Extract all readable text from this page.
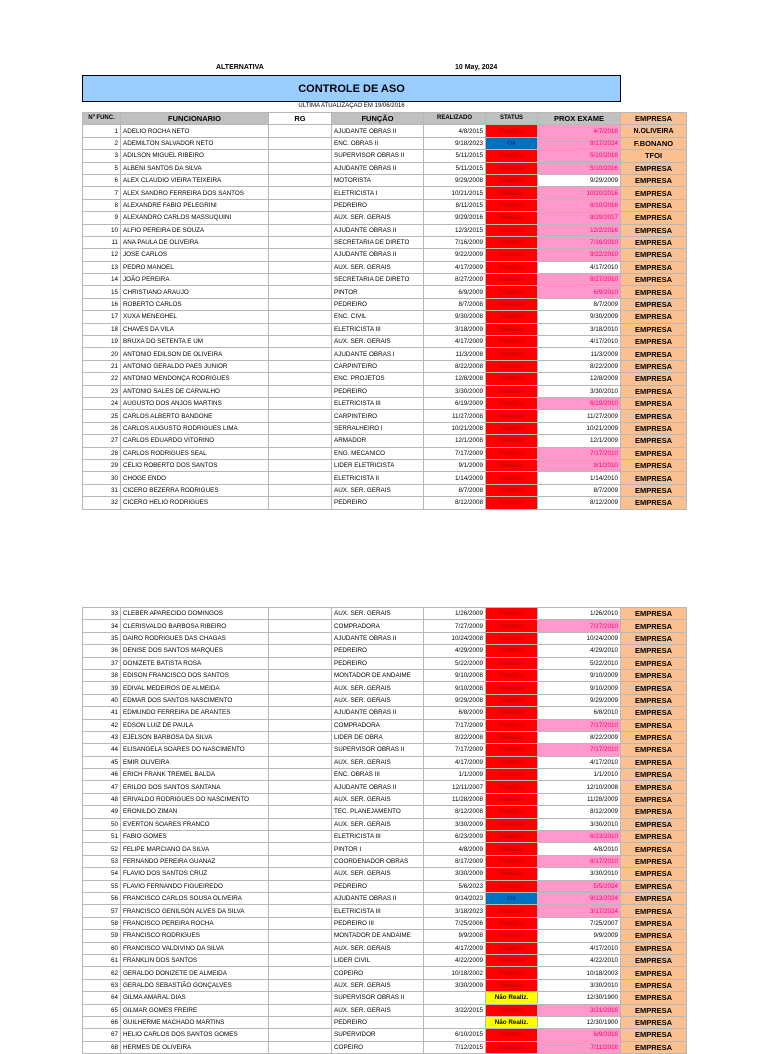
ALTERNATIVA	10 May, 2024
CONTROLE DE ASO
ULTIMA ATUALIZAÇÃO EM 19/06/2016
Nº FUNC.	FUNCIONARIO	RG	FUNÇÃO	REALIZADO	STATUS	PROX EXAME	EMPRESA
1	ADELIO ROCHA NETO		AJUDANTE OBRAS II	4/8/2015	Realizar	4/7/2016	N.OLIVEIRA
2	ADEMILTON SALVADOR NETO		ENC. OBRAS II	9/18/2023	Ok	9/17/2024	F.BONANO
3	ADILSON MIGUEL RIBEIRO		SUPERVISOR OBRAS II	5/11/2015	Realizar	5/10/2016	TFOI
5	ALBENI SANTOS DA SILVA		AJUDANTE OBRAS II	5/11/2015	Realizar	5/10/2016	EMPRESA
6	ALEX CLAUDIO VIEIRA TEIXEIRA		MOTORISTA	9/29/2008	Realizar	9/29/2009	EMPRESA
7	ALEX SANDRO FERREIRA DOS SANTOS		ELETRICISTA I	10/21/2015	Realizar	10/20/2016	EMPRESA
8	ALEXANDRE FABIO PELEGRINI		PEDREIRO	8/11/2015	Realizar	8/10/2016	EMPRESA
9	ALEXANDRO CARLOS MASSUQUINI		AUX. SER. GERAIS	9/29/2016	Realizar	9/29/2017	EMPRESA
10	ALFIO PEREIRA DE SOUZA		AJUDANTE OBRAS II	12/3/2015	Realizar	12/2/2016	EMPRESA
11	ANA PAULA DE OLIVEIRA		SECRETARIA DE DIRETO	7/16/2009	Realizar	7/16/2010	EMPRESA
12	JOSE CARLOS		AJUDANTE OBRAS II	9/22/2009	Realizar	9/22/2010	EMPRESA
13	PEDRO MANOEL		AUX. SER. GERAIS	4/17/2009	Realizar	4/17/2010	EMPRESA
14	JOÃO PEREIRA		SECRETARIA DE DIRETO	8/27/2009	Realizar	8/27/2010	EMPRESA
15	CHRISTIANO ARAUJO		PINTOR	6/9/2009	Realizar	6/9/2010	EMPRESA
16	ROBERTO CARLOS		PEDREIRO	8/7/2008	Realizar	8/7/2009	EMPRESA
17	XUXA MENEGHEL		ENC. CIVIL	9/30/2008	Realizar	9/30/2009	EMPRESA
18	CHAVES DA VILA		ELETRICISTA III	3/18/2009	Realizar	3/18/2010	EMPRESA
19	BRUXA DO SETENTA E UM		AUX. SER. GERAIS	4/17/2009	Realizar	4/17/2010	EMPRESA
20	ANTONIO EDILSON DE OLIVEIRA		AJUDANTE OBRAS I	11/3/2008	Realizar	11/3/2009	EMPRESA
21	ANTONIO GERALDO PAES JUNIOR		CARPINTEIRO	8/22/2008	Realizar	8/22/2009	EMPRESA
22	ANTONIO MENDONÇA RODRIGUES		ENC. PROJETOS	12/8/2008	Realizar	12/8/2009	EMPRESA
23	ANTONIO SALES DE CARVALHO		PEDREIRO	3/30/2009	Realizar	3/30/2010	EMPRESA
24	AUGUSTO DOS ANJOS MARTINS		ELETRICISTA III	6/19/2009	Realizar	6/19/2010	EMPRESA
25	CARLOS ALBERTO BANDONE		CARPINTEIRO	11/27/2008	Realizar	11/27/2009	EMPRESA
26	CARLOS AUGUSTO RODRIGUES LIMA		SERRALHEIRO I	10/21/2008	Realizar	10/21/2009	EMPRESA
27	CARLOS EDUARDO VITORINO		ARMADOR	12/1/2008	Realizar	12/1/2009	EMPRESA
28	CARLOS RODRIGUES SEAL		ENG. MECANICO	7/17/2009	Realizar	7/17/2010	EMPRESA
29	CELIO ROBERTO DOS SANTOS		LIDER ELETRICISTA	9/1/2009	Realizar	9/1/2010	EMPRESA
30	CHOGE ENDO		ELETRICISTA II	1/14/2009	Realizar	1/14/2010	EMPRESA
31	CICERO BEZERRA RODRIGUES		AUX. SER. GERAIS	8/7/2008	Realizar	8/7/2009	EMPRESA
32	CICERO HELIO RODRIGUES		PEDREIRO	8/12/2008	Realizar	8/12/2009	EMPRESA
33	CLEBER APARECIDO DOMINGOS		AUX. SER. GERAIS	1/26/2009	Realizar	1/26/2010	EMPRESA
34	CLERISVALDO BARBOSA RIBEIRO		COMPRADORA	7/27/2009	Realizar	7/27/2010	EMPRESA
35	DAIRO RODRIGUES DAS CHAGAS		AJUDANTE OBRAS II	10/24/2008	Realizar	10/24/2009	EMPRESA
36	DENISE DOS SANTOS MARQUES		PEDREIRO	4/29/2009	Realizar	4/29/2010	EMPRESA
37	DONIZETE BATISTA ROSA		PEDREIRO	5/22/2009	Realizar	5/22/2010	EMPRESA
38	EDISON FRANCISCO DOS SANTOS		MONTADOR DE ANDAIME	9/10/2008	Realizar	9/10/2009	EMPRESA
39	EDIVAL MEDEIROS DE ALMEIDA		AUX. SER. GERAIS	9/10/2008	Realizar	9/10/2009	EMPRESA
40	EDMAR DOS SANTOS NASCIMENTO		AUX. SER. GERAIS	9/29/2008	Realizar	9/29/2009	EMPRESA
41	EDMUNDO FERREIRA DE ARANTES		AJUDANTE OBRAS II	6/8/2009	Realizar	6/8/2010	EMPRESA
42	EDSON LUIZ DE PAULA		COMPRADORA	7/17/2009	Realizar	7/17/2010	EMPRESA
43	EJELSON BARBOSA DA SILVA		LIDER DE OBRA	8/22/2008	Realizar	8/22/2009	EMPRESA
44	ELISANGELA SOARES DO NASCIMENTO		SUPERVISOR OBRAS II	7/17/2009	Realizar	7/17/2010	EMPRESA
45	EMIR OLIVEIRA		AUX. SER. GERAIS	4/17/2009	Realizar	4/17/2010	EMPRESA
46	ERICH FRANK TREMEL BALDA		ENC. OBRAS III	1/1/2009	Realizar	1/1/2010	EMPRESA
47	ERILDO DOS SANTOS SANTANA		AJUDANTE OBRAS II	12/11/2007	Realizar	12/10/2008	EMPRESA
48	ERIVALDO RODRIGUES DO NASCIMENTO		AUX. SER. GERAIS	11/28/2008	Realizar	11/28/2009	EMPRESA
49	ERONILDO ZIMAN		TEC. PLANEJAMENTO	8/12/2008	Realizar	8/12/2009	EMPRESA
50	EVERTON SOARES FRANCO		AUX. SER. GERAIS	3/30/2009	Realizar	3/30/2010	EMPRESA
51	FABIO GOMES		ELETRICISTA III	6/23/2009	Realizar	6/23/2010	EMPRESA
52	FELIPE MARCIANO DA SILVA		PINTOR I	4/8/2009	Realizar	4/8/2010	EMPRESA
53	FERNANDO PEREIRA GUANAZ		COORDENADOR OBRAS	8/17/2009	Realizar	8/17/2010	EMPRESA
54	FLAVIO DOS SANTOS CRUZ		AUX. SER. GERAIS	3/30/2009	Realizar	3/30/2010	EMPRESA
55	FLAVIO FERNANDO FIGUEIREDO		PEDREIRO	5/6/2023	Realizar	5/5/2024	EMPRESA
56	FRANCISCO CARLOS SOUSA OLIVEIRA		AJUDANTE OBRAS II	9/14/2023	Ok	9/13/2024	EMPRESA
57	FRANCISCO GENILSON ALVES DA SILVA		ELETRICISTA III	3/18/2023	Realizar	3/17/2024	EMPRESA
58	FRANCISCO PEREIRA ROCHA		PEDREIRO III	7/25/2006	Realizar	7/25/2007	EMPRESA
59	FRANCISCO RODRIGUES		MONTADOR DE ANDAIME	9/9/2008	Realizar	9/9/2009	EMPRESA
60	FRANCISCO VALDIVINO DA SILVA		AUX. SER. GERAIS	4/17/2009	Realizar	4/17/2010	EMPRESA
61	FRANKLIN DOS SANTOS		LIDER CIVIL	4/22/2009	Realizar	4/22/2010	EMPRESA
62	GERALDO DONIZETE DE ALMEIDA		COPEIRO	10/18/2002	Realizar	10/18/2003	EMPRESA
63	GERALDO SEBASTIÃO GONÇALVES		AUX. SER. GERAIS	3/30/2009	Realizar	3/30/2010	EMPRESA
64	GILMA AMARAL DIAS		SUPERVISOR OBRAS II		Não Realiz.	12/30/1900	EMPRESA
65	GILMAR GOMES FREIRE		AUX. SER. GERAIS	3/22/2015	Realizar	3/21/2016	EMPRESA
66	GUILHERME MACHADO MARTINS		PEDREIRO		Não Realiz.	12/30/1900	EMPRESA
67	HELIO CARLOS DOS SANTOS GOMES		SUPERVIDOR	6/10/2015	Realizar	6/9/2016	EMPRESA
68	HERMES DE OLIVEIRA		COPEIRO	7/12/2015	Realizar	7/11/2016	EMPRESA
